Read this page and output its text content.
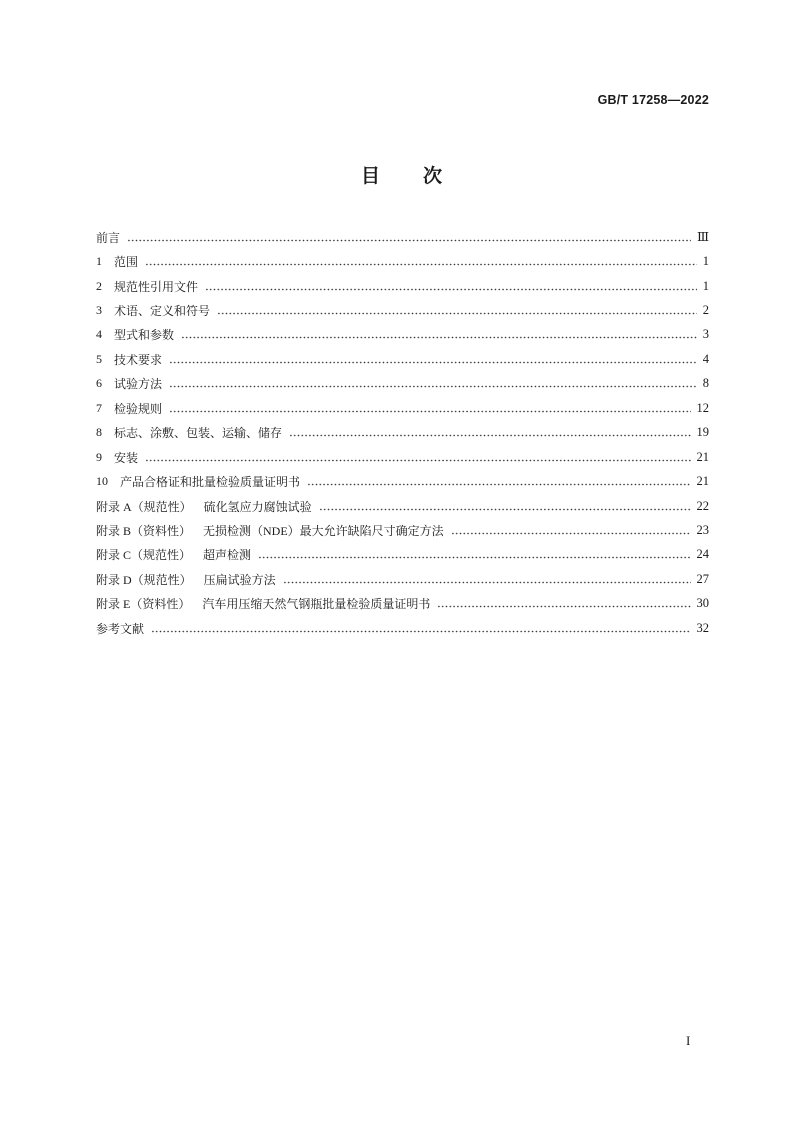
GB/T 17258—2022
目次
前言	Ⅲ
1 范围	1
2 规范性引用文件	1
3 术语、定义和符号	2
4 型式和参数	3
5 技术要求	4
6 试验方法	8
7 检验规则	12
8 标志、涂敷、包装、运输、储存	19
9 安装	21
10 产品合格证和批量检验质量证明书	21
附录 A（规范性） 硫化氢应力腐蚀试验	22
附录 B（资料性） 无损检测（NDE）最大允许缺陷尺寸确定方法	23
附录 C（规范性） 超声检测	24
附录 D（规范性） 压扁试验方法	27
附录 E（资料性） 汽车用压缩天然气钢瓶批量检验质量证明书	30
参考文献	32
I
